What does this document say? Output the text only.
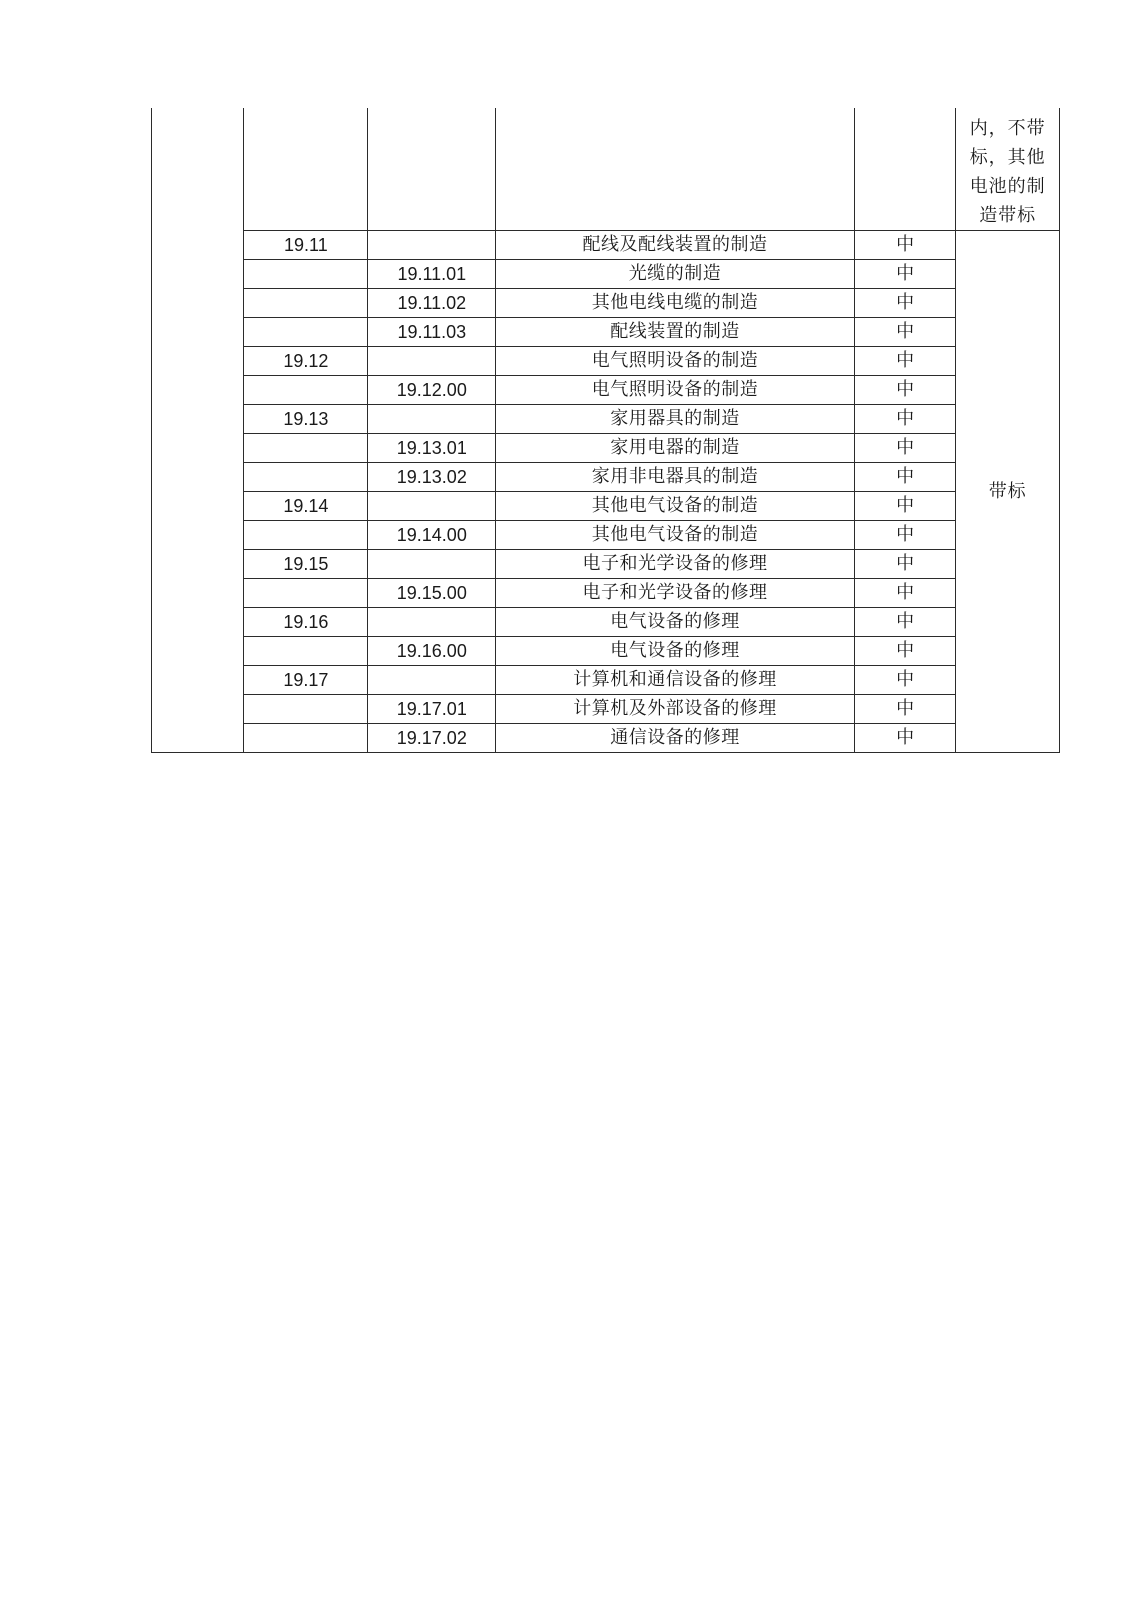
					内，不带
标，其他
电池的制
造带标

	19.11		配线及配线装置的制造	中	带标
		19.11.01	光缆的制造	中	
		19.11.02	其他电线电缆的制造	中	
		19.11.03	配线装置的制造	中	
	19.12		电气照明设备的制造	中	
		19.12.00	电气照明设备的制造	中	
	19.13		家用器具的制造	中	
		19.13.01	家用电器的制造	中	
		19.13.02	家用非电器具的制造	中	
	19.14		其他电气设备的制造	中	
		19.14.00	其他电气设备的制造	中	
	19.15		电子和光学设备的修理	中	
		19.15.00	电子和光学设备的修理	中	
	19.16		电气设备的修理	中	
		19.16.00	电气设备的修理	中	
	19.17		计算机和通信设备的修理	中	
		19.17.01	计算机及外部设备的修理	中	
		19.17.02	通信设备的修理	中	
